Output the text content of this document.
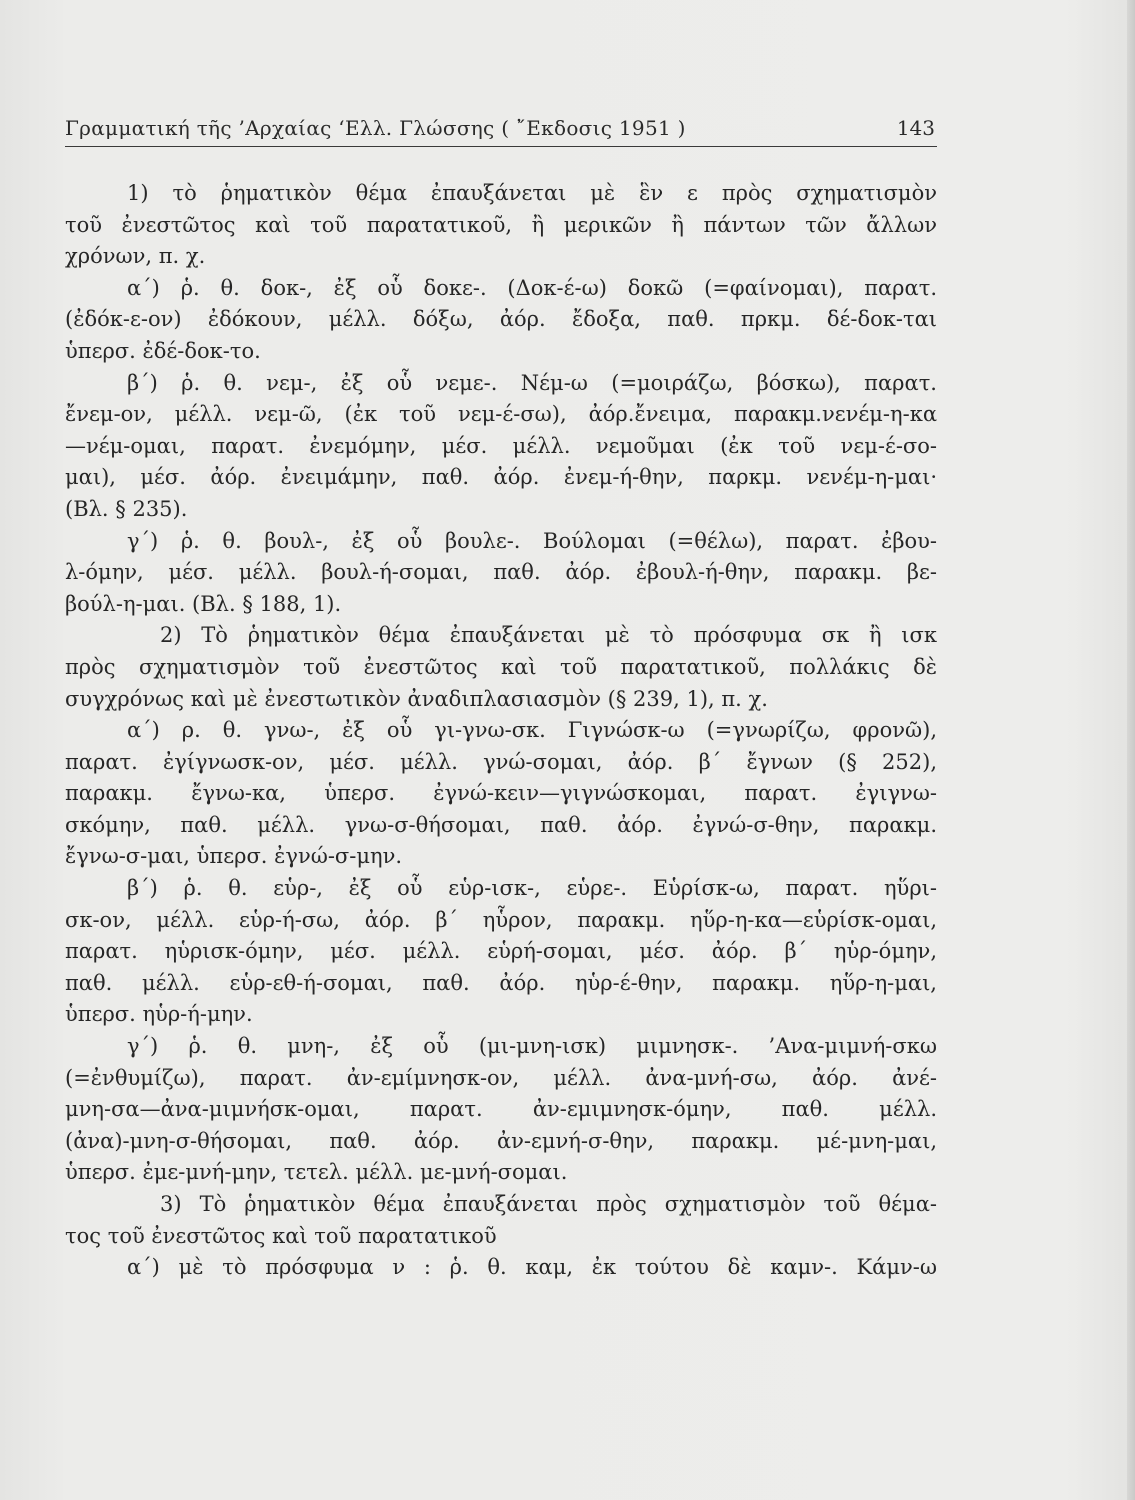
Γραμματική τῆς ’Αρχαίας ‘Ελλ. Γλώσσης ( ῎Εκδοσις 1951 )	143
1) τὸ ῥηματικὸν θέμα ἐπαυξάνεται μὲ ἓν ε πρὸς σχηματισμὸν
τοῦ ἐνεστῶτος καὶ τοῦ παρατατικοῦ, ἢ μερικῶν ἢ πάντων τῶν ἄλλων
χρόνων, π. χ.
α΄) ῥ. θ. δοκ-, ἐξ οὗ δοκε-. (Δοκ-έ-ω) δοκῶ (=φαίνομαι), παρατ.
(ἐδόκ-ε-ον) ἐδόκουν, μέλλ. δόξω, ἀόρ. ἔδοξα, παθ. πρκμ. δέ-δοκ-ται
ὑπερσ. ἐδέ-δοκ-το.
β΄) ῥ. θ. νεμ-, ἐξ οὗ νεμε-. Νέμ-ω (=μοιράζω, βόσκω), παρατ.
ἔνεμ-ον, μέλλ. νεμ-ῶ, (ἐκ τοῦ νεμ-έ-σω), ἀόρ.ἔνειμα, παρακμ.νενέμ-η-κα
—νέμ-ομαι, παρατ. ἐνεμόμην, μέσ. μέλλ. νεμοῦμαι (ἐκ τοῦ νεμ-έ-σο-
μαι), μέσ. ἀόρ. ἐνειμάμην, παθ. ἀόρ. ἐνεμ-ή-θην, παρκμ. νενέμ-η-μαι·
(Βλ. § 235).
γ΄) ῥ. θ. βουλ-, ἐξ οὗ βουλε-. Βούλομαι (=θέλω), παρατ. ἐβου-
λ-όμην, μέσ. μέλλ. βουλ-ή-σομαι, παθ. ἀόρ. ἐβουλ-ή-θην, παρακμ. βε-
βούλ-η-μαι. (Βλ. § 188, 1).
2) Τὸ ῥηματικὸν θέμα ἐπαυξάνεται μὲ τὸ πρόσφυμα σκ ἢ ισκ
πρὸς σχηματισμὸν τοῦ ἐνεστῶτος καὶ τοῦ παρατατικοῦ, πολλάκις δὲ
συγχρόνως καὶ μὲ ἐνεστωτικὸν ἀναδιπλασιασμὸν (§ 239, 1), π. χ.
α΄) ρ. θ. γνω-, ἐξ οὗ γι-γνω-σκ. Γιγνώσκ-ω (=γνωρίζω, φρονῶ),
παρατ. ἐγίγνωσκ-ον, μέσ. μέλλ. γνώ-σομαι, ἀόρ. β΄ ἔγνων (§ 252),
παρακμ. ἔγνω-κα, ὑπερσ. ἐγνώ-κειν—γιγνώσκομαι, παρατ. ἐγιγνω-
σκόμην, παθ. μέλλ. γνω-σ-θήσομαι, παθ. ἀόρ. ἐγνώ-σ-θην, παρακμ.
ἔγνω-σ-μαι, ὑπερσ. ἐγνώ-σ-μην.
β΄) ῥ. θ. εὑρ-, ἐξ οὗ εὑρ-ισκ-, εὑρε-. Εὑρίσκ-ω, παρατ. ηὕρι-
σκ-ον, μέλλ. εὑρ-ή-σω, ἀόρ. β΄ ηὗρον, παρακμ. ηὕρ-η-κα—εὑρίσκ-ομαι,
παρατ. ηὑρισκ-όμην, μέσ. μέλλ. εὑρή-σομαι, μέσ. ἀόρ. β΄ ηὑρ-όμην,
παθ. μέλλ. εὑρ-εθ-ή-σομαι, παθ. ἀόρ. ηὑρ-έ-θην, παρακμ. ηὕρ-η-μαι,
ὑπερσ. ηὑρ-ή-μην.
γ΄) ῥ. θ. μνη-, ἐξ οὗ (μι-μνη-ισκ) μιμνησκ-. ’Ανα-μιμνή-σκω
(=ἐνθυμίζω), παρατ. ἀν-εμίμνησκ-ον, μέλλ. ἀνα-μνή-σω, ἀόρ. ἀνέ-
μνη-σα—ἀνα-μιμνήσκ-ομαι, παρατ. ἀν-εμιμνησκ-όμην, παθ. μέλλ.
(ἀνα)-μνη-σ-θήσομαι, παθ. ἀόρ. ἀν-εμνή-σ-θην, παρακμ. μέ-μνη-μαι,
ὑπερσ. ἐμε-μνή-μην, τετελ. μέλλ. με-μνή-σομαι.
3) Τὸ ῥηματικὸν θέμα ἐπαυξάνεται πρὸς σχηματισμὸν τοῦ θέμα-
τος τοῦ ἐνεστῶτος καὶ τοῦ παρατατικοῦ
α΄) μὲ τὸ πρόσφυμα ν : ῥ. θ. καμ, ἐκ τούτου δὲ καμν-. Κάμν-ω
